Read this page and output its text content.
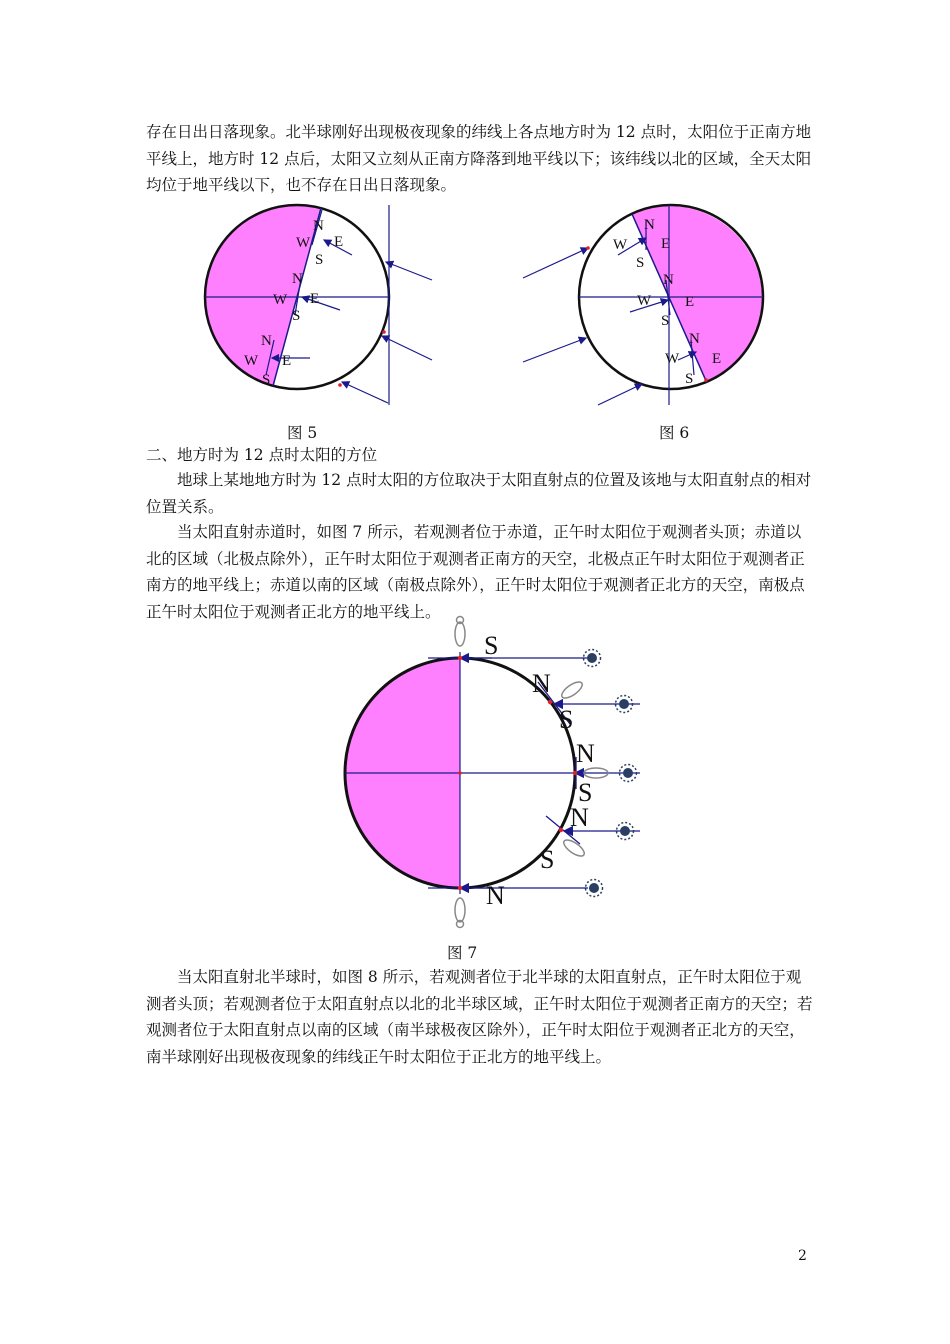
存在日出日落现象。北半球刚好出现极夜现象的纬线上各点地方时为 12 点时，太阳位于正南方地平线上，地方时 12 点后，太阳又立刻从正南方降落到地平线以下；该纬线以北的区域，全天太阳均位于地平线以下，也不存在日出日落现象。

N
W E
S
N
W E
S
N
W E
S
图 5
N
W E
S
N
W E
S
N
W E
S
图 6
二、地方时为 12 点时太阳的方位

地球上某地地方时为 12 点时太阳的方位取决于太阳直射点的位置及该地与太阳直射点的相对位置关系。

当太阳直射赤道时，如图 7 所示，若观测者位于赤道，正午时太阳位于观测者头顶；赤道以北的区域（北极点除外），正午时太阳位于观测者正南方的天空，北极点正午时太阳位于观测者正南方的地平线上；赤道以南的区域（南极点除外），正午时太阳位于观测者正北方的天空，南极点正午时太阳位于观测者正北方的地平线上。

S
N
S
N
S
N
S
N
图 7

当太阳直射北半球时，如图 8 所示，若观测者位于北半球的太阳直射点，正午时太阳位于观测者头顶；若观测者位于太阳直射点以北的北半球区域，正午时太阳位于观测者正南方的天空；若观测者位于太阳直射点以南的区域（南半球极夜区除外），正午时太阳位于观测者正北方的天空，南半球刚好出现极夜现象的纬线正午时太阳位于正北方的地平线上。

2
